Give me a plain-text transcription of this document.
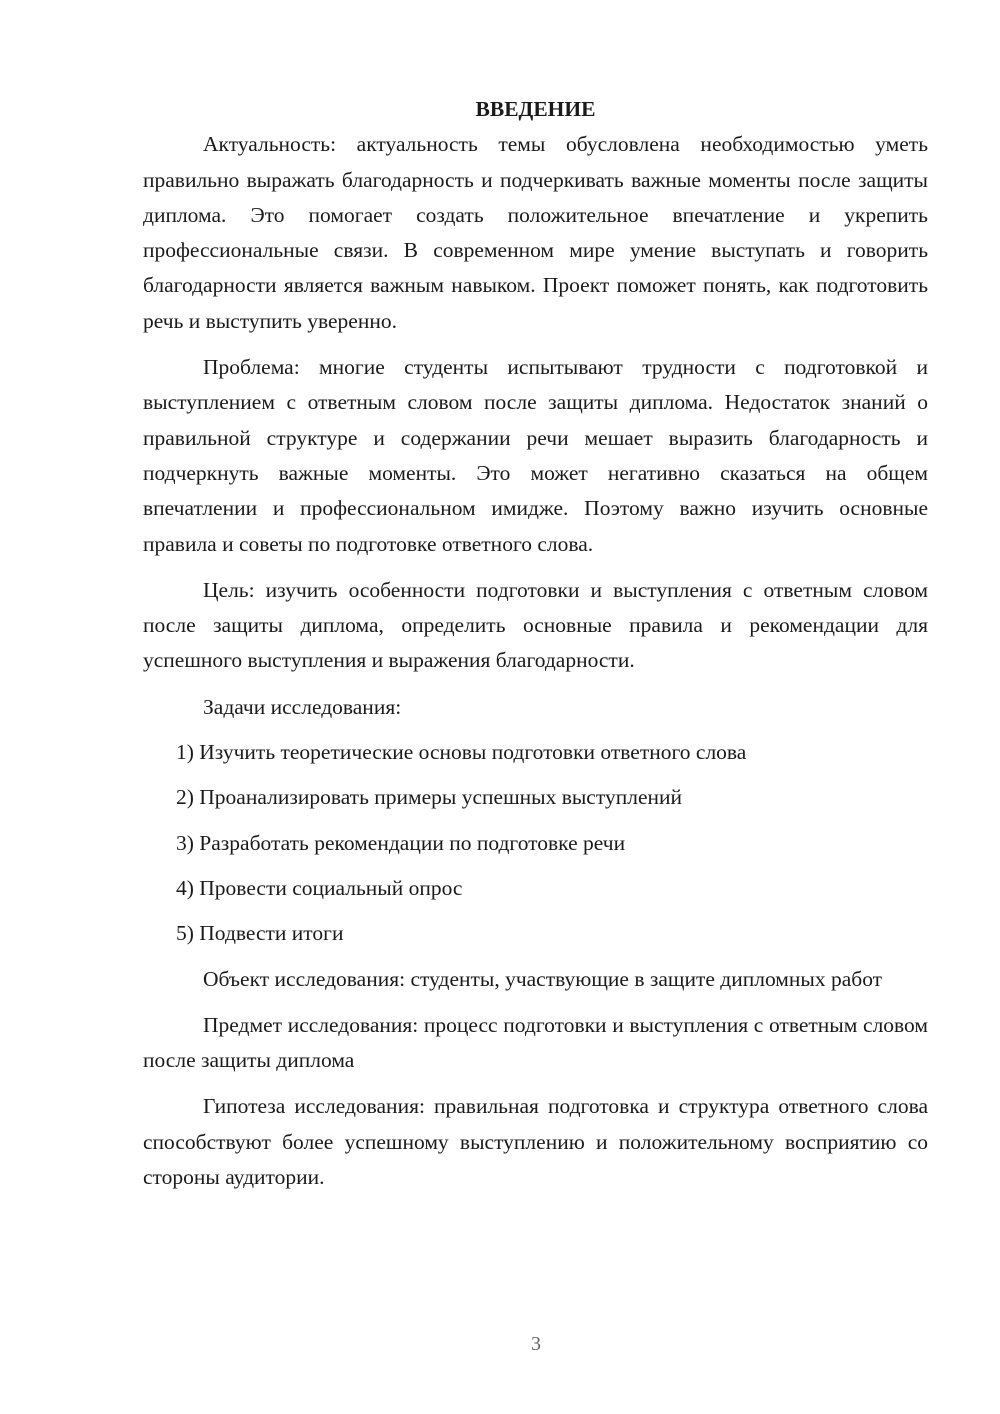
ВВЕДЕНИЕ

Актуальность: актуальность темы обусловлена необходимостью уметь правильно выражать благодарность и подчеркивать важные моменты после защиты диплома. Это помогает создать положительное впечатление и укрепить профессиональные связи. В современном мире умение выступать и говорить благодарности является важным навыком. Проект поможет понять, как подготовить речь и выступить уверенно.

Проблема: многие студенты испытывают трудности с подготовкой и выступлением с ответным словом после защиты диплома. Недостаток знаний о правильной структуре и содержании речи мешает выразить благодарность и подчеркнуть важные моменты. Это может негативно сказаться на общем впечатлении и профессиональном имидже. Поэтому важно изучить основные правила и советы по подготовке ответного слова.

Цель: изучить особенности подготовки и выступления с ответным словом после защиты диплома, определить основные правила и рекомендации для успешного выступления и выражения благодарности.

Задачи исследования:

1) Изучить теоретические основы подготовки ответного слова
2) Проанализировать примеры успешных выступлений
3) Разработать рекомендации по подготовке речи
4) Провести социальный опрос
5) Подвести итоги

Объект исследования: студенты, участвующие в защите дипломных работ

Предмет исследования: процесс подготовки и выступления с ответным словом после защиты диплома

Гипотеза исследования: правильная подготовка и структура ответного слова способствуют более успешному выступлению и положительному восприятию со стороны аудитории.

3
